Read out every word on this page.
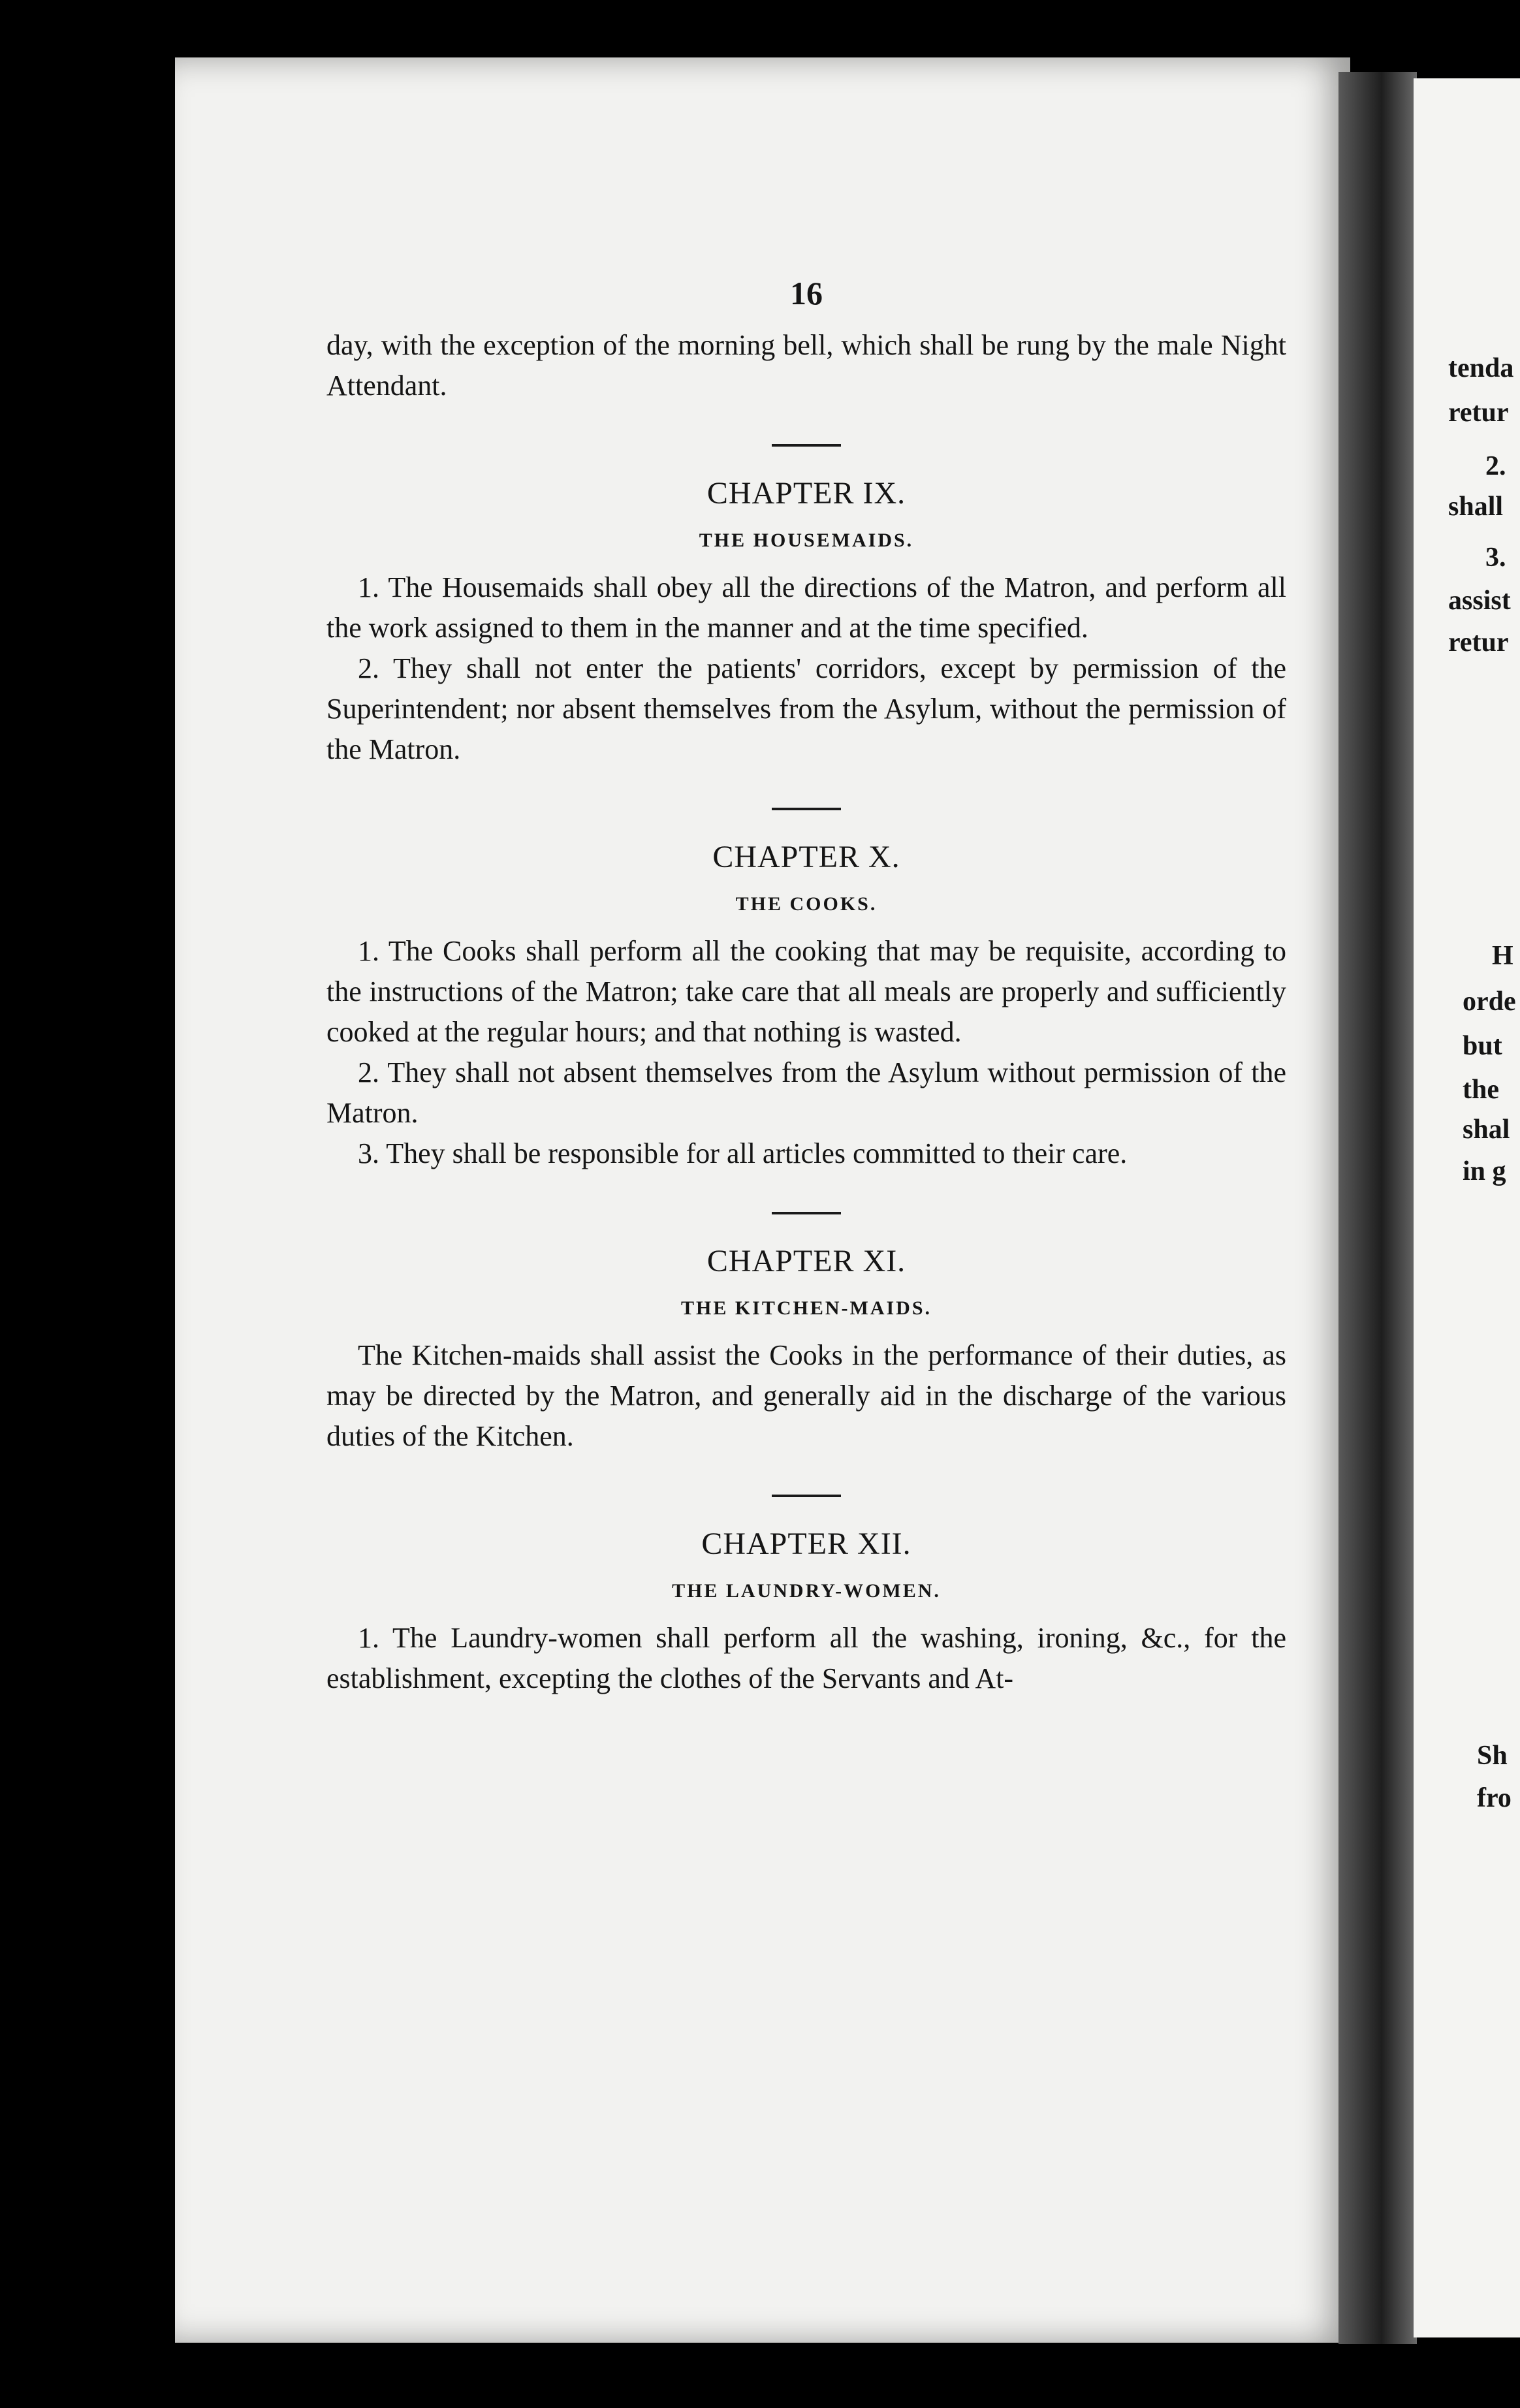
16

day, with the exception of the morning bell, which shall be rung by the male Night Attendant.

CHAPTER IX.
THE HOUSEMAIDS.

1. The Housemaids shall obey all the directions of the Matron, and perform all the work assigned to them in the manner and at the time specified.

2. They shall not enter the patients' corridors, except by permission of the Superintendent; nor absent themselves from the Asylum, without the permission of the Matron.

CHAPTER X.
THE COOKS.

1. The Cooks shall perform all the cooking that may be requisite, according to the instructions of the Matron; take care that all meals are properly and sufficiently cooked at the regular hours; and that nothing is wasted.

2. They shall not absent themselves from the Asylum without permission of the Matron.

3. They shall be responsible for all articles committed to their care.

CHAPTER XI.
THE KITCHEN-MAIDS.

The Kitchen-maids shall assist the Cooks in the performance of their duties, as may be directed by the Matron, and generally aid in the discharge of the various duties of the Kitchen.

CHAPTER XII.
THE LAUNDRY-WOMEN.

1. The Laundry-women shall perform all the washing, ironing, &c., for the establishment, excepting the clothes of the Servants and At-

tenda
retur
2.
shall
3.
assist
retur
H
orde
but
the
shal
in g
Sh
fro
